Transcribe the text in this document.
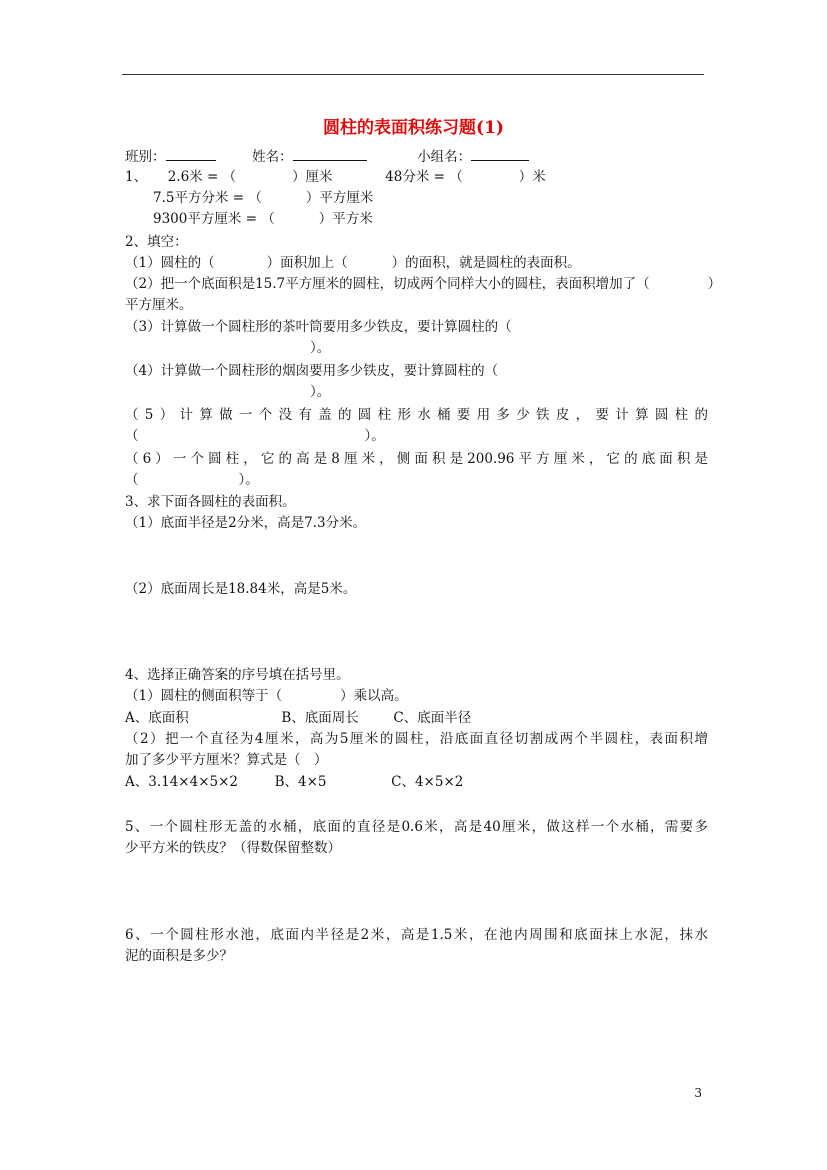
圆柱的表面积练习题(1)
班别：	姓名：	小组名：
1、 2.6米 = （	）厘米	48分米 = （	）米
7.5平方分米 = （	）平方厘米
9300平方厘米 = （	）平方米
2、填空：
（1）圆柱的（	）面积加上（	）的面积，就是圆柱的表面积。
（2）把一个底面积是15.7平方厘米的圆柱，切成两个同样大小的圆柱，表面积增加了（	）
平方厘米。
（3）计算做一个圆柱形的茶叶筒要用多少铁皮，要计算圆柱的（
）。
（4）计算做一个圆柱形的烟囱要用多少铁皮，要计算圆柱的（
）。
（5）计算做一个没有盖的圆柱形水桶要用多少铁皮，要计算圆柱的
（	）。
（6）一个圆柱，它的高是8厘米，侧面积是200.96平方厘米，它的底面积是
（	）。
3、求下面各圆柱的表面积。
（1）底面半径是2分米，高是7.3分米。
（2）底面周长是18.84米，高是5米。
4、选择正确答案的序号填在括号里。
（1）圆柱的侧面积等于（	）乘以高。
A、底面积	B、底面周长	C、底面半径
（2）把一个直径为4厘米，高为5厘米的圆柱，沿底面直径切割成两个半圆柱，表面积增
加了多少平方厘米？算式是（　）
A、3.14×4×5×2	B、4×5	C、4×5×2
5、一个圆柱形无盖的水桶，底面的直径是0.6米，高是40厘米，做这样一个水桶，需要多
少平方米的铁皮？（得数保留整数）
6、一个圆柱形水池，底面内半径是2米，高是1.5米，在池内周围和底面抹上水泥，抹水
泥的面积是多少？
3
